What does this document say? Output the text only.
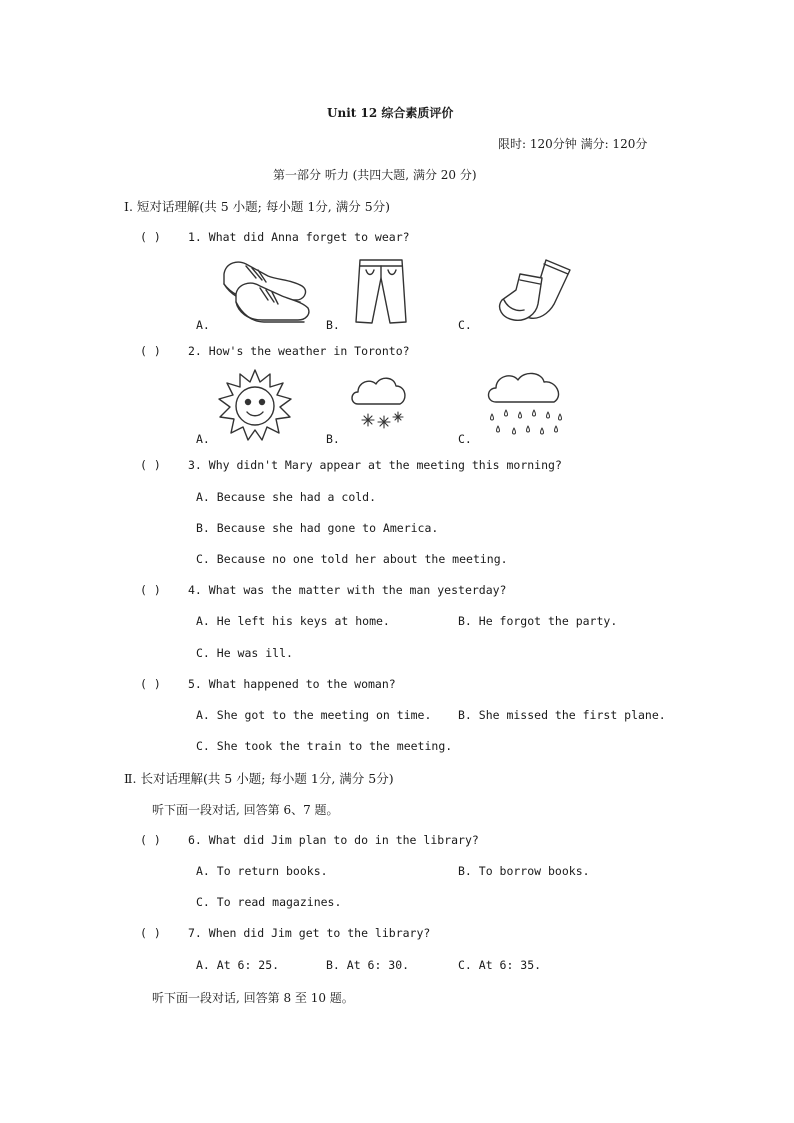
Unit 12 综合素质评价
限时: 120分钟 满分: 120分
第一部分 听力 (共四大题, 满分 20 分)
Ⅰ. 短对话理解(共 5 小题; 每小题 1分, 满分 5分)
( ) 1. What did Anna forget to wear?
A.	B.	C.
( ) 2. How's the weather in Toronto?
A.	B.	C.
( ) 3. Why didn't Mary appear at the meeting this morning?
A. Because she had a cold.
B. Because she had gone to America.
C. Because no one told her about the meeting.
( ) 4. What was the matter with the man yesterday?
A. He left his keys at home.	B. He forgot the party.
C. He was ill.
( ) 5. What happened to the woman?
A. She got to the meeting on time. B. She missed the first plane.
C. She took the train to the meeting.
Ⅱ. 长对话理解(共 5 小题; 每小题 1分, 满分 5分)
听下面一段对话, 回答第 6、7 题。
( ) 6. What did Jim plan to do in the library?
A. To return books.	B. To borrow books.
C. To read magazines.
( ) 7. When did Jim get to the library?
A. At 6: 25.	B. At 6: 30.	C. At 6: 35.
听下面一段对话, 回答第 8 至 10 题。
